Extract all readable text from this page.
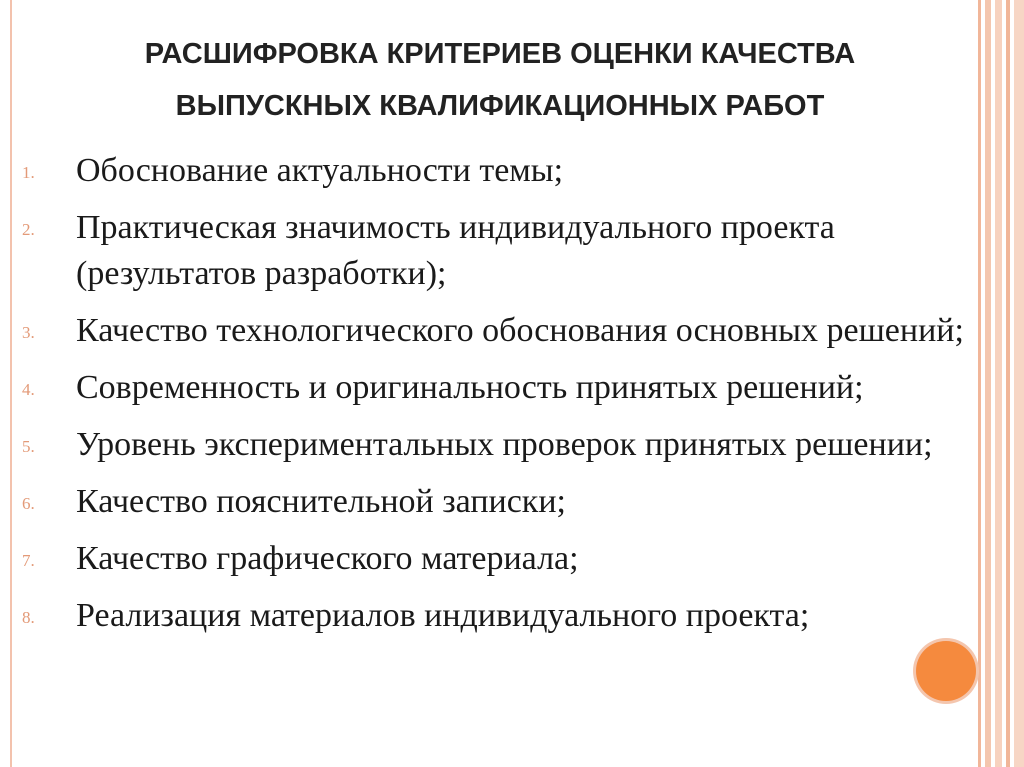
РАСШИФРОВКА КРИТЕРИЕВ ОЦЕНКИ КАЧЕСТВА
ВЫПУСКНЫХ КВАЛИФИКАЦИОННЫХ РАБОТ
1.	Обоснование актуальности темы;
2.	Практическая значимость индивидуального проекта (результатов разработки);
3.	Качество технологического обоснования основных решений;
4.	Современность и оригинальность принятых решений;
5.	Уровень экспериментальных проверок принятых решении;
6.	Качество пояснительной записки;
7.	Качество графического материала;
8.	Реализация материалов индивидуального проекта;
